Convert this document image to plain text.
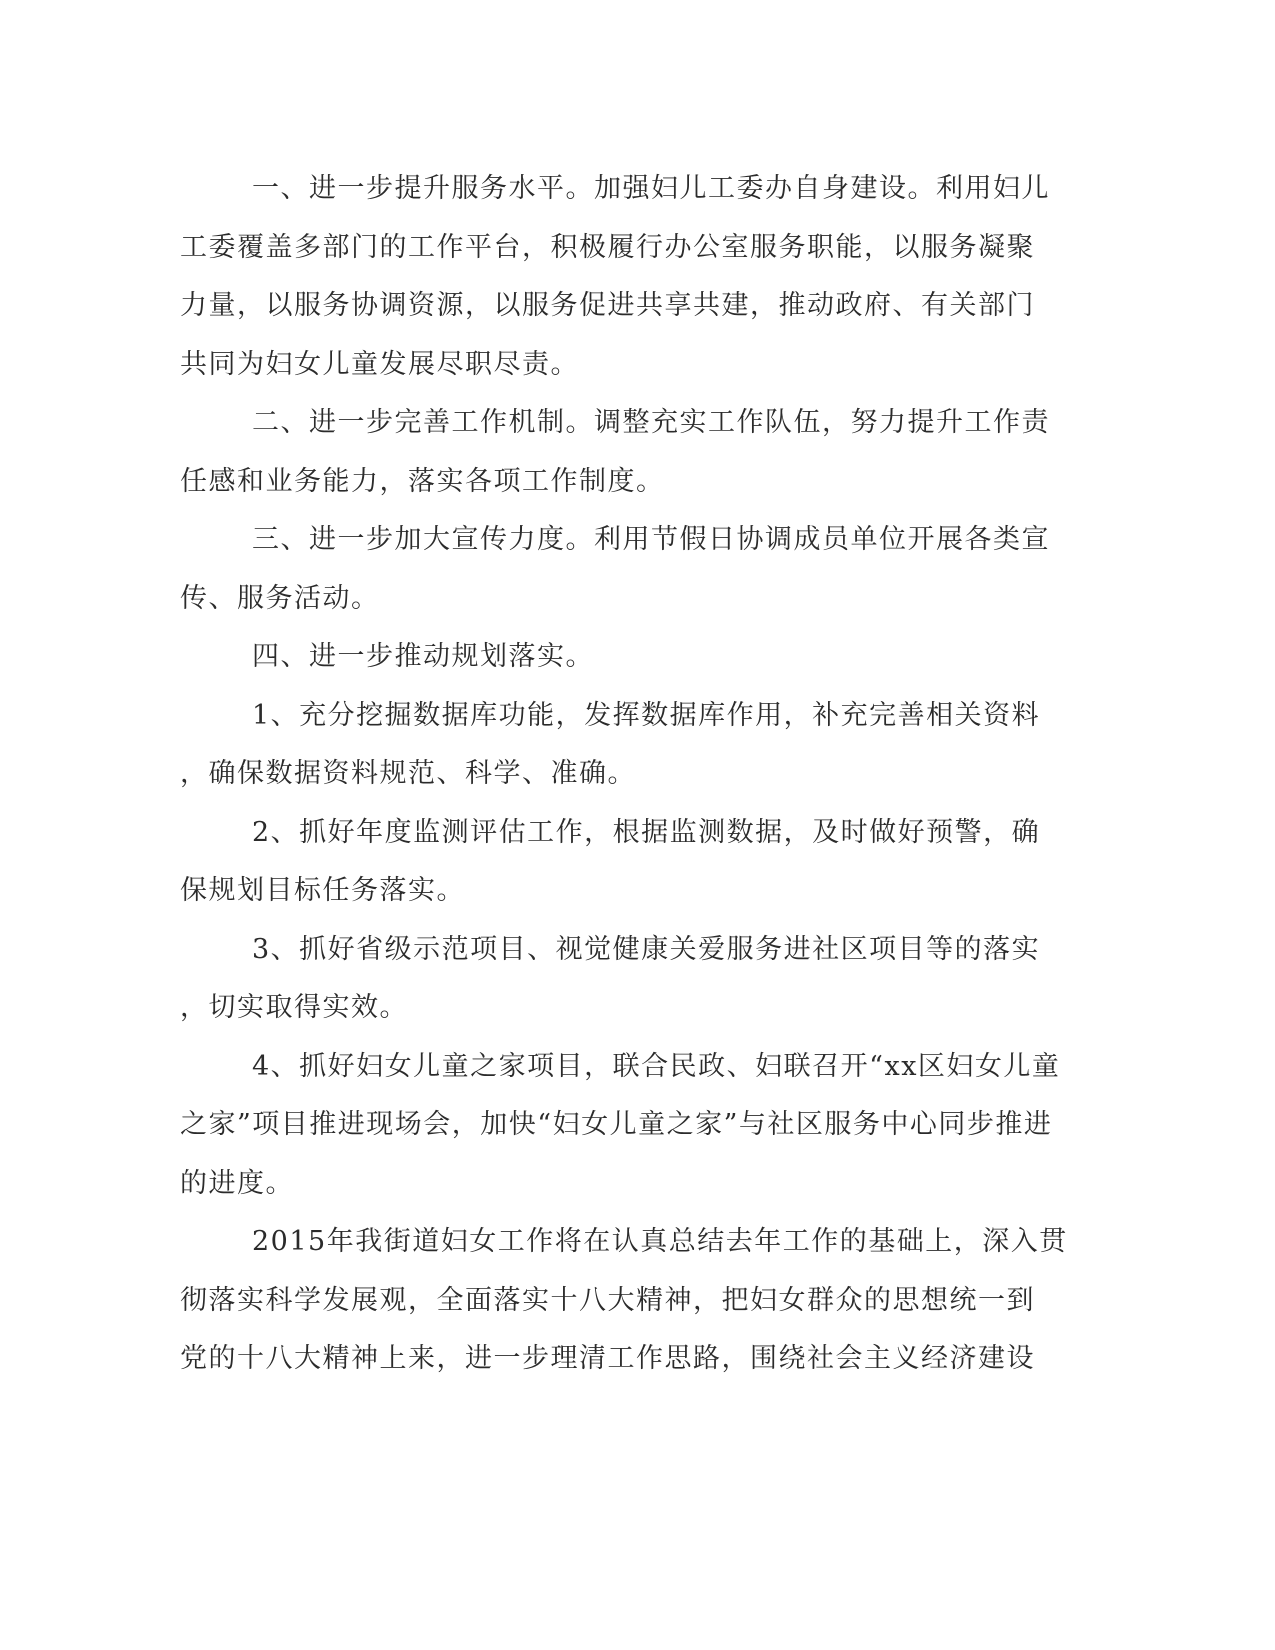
一、进一步提升服务水平。加强妇儿工委办自身建设。利用妇儿
工委覆盖多部门的工作平台，积极履行办公室服务职能，以服务凝聚
力量，以服务协调资源，以服务促进共享共建，推动政府、有关部门
共同为妇女儿童发展尽职尽责。
二、进一步完善工作机制。调整充实工作队伍，努力提升工作责
任感和业务能力，落实各项工作制度。
三、进一步加大宣传力度。利用节假日协调成员单位开展各类宣
传、服务活动。
四、进一步推动规划落实。
1、充分挖掘数据库功能，发挥数据库作用，补充完善相关资料
，确保数据资料规范、科学、准确。
2、抓好年度监测评估工作，根据监测数据，及时做好预警，确
保规划目标任务落实。
3、抓好省级示范项目、视觉健康关爱服务进社区项目等的落实
，切实取得实效。
4、抓好妇女儿童之家项目，联合民政、妇联召开“xx区妇女儿童
之家”项目推进现场会，加快“妇女儿童之家”与社区服务中心同步推进
的进度。
2015年我街道妇女工作将在认真总结去年工作的基础上，深入贯
彻落实科学发展观，全面落实十八大精神，把妇女群众的思想统一到
党的十八大精神上来，进一步理清工作思路，围绕社会主义经济建设
